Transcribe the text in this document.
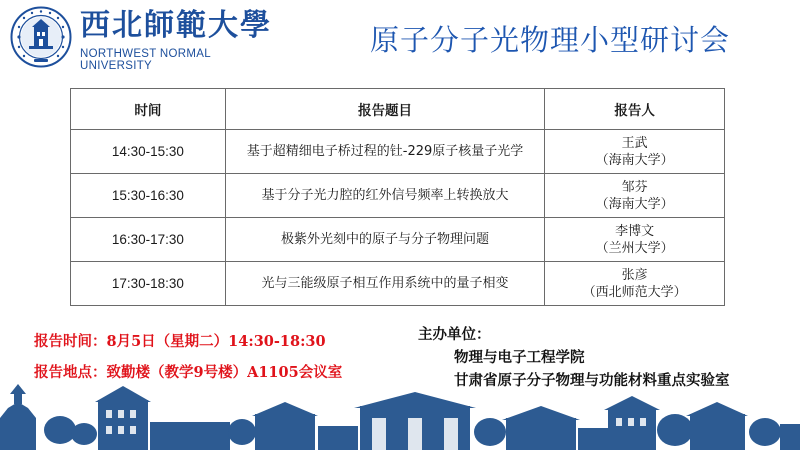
西北師範大學
NORTHWEST NORMAL UNIVERSITY
原子分子光物理小型研讨会
时间	报告题目	报告人
14:30-15:30	基于超精细电子桥过程的钍-229原子核量子光学	王武
（海南大学）

15:30-16:30	基于分子光力腔的红外信号频率上转换放大	邹芬
（海南大学）

16:30-17:30	极紫外光刻中的原子与分子物理问题	李博文
（兰州大学）

17:30-18:30	光与三能级原子相互作用系统中的量子相变	张彦
（西北师范大学）
报告时间：8月5日（星期二）14:30-18:30
报告地点：致勤楼（教学9号楼）A1105会议室
主办单位：
物理与电子工程学院
甘肃省原子分子物理与功能材料重点实验室
